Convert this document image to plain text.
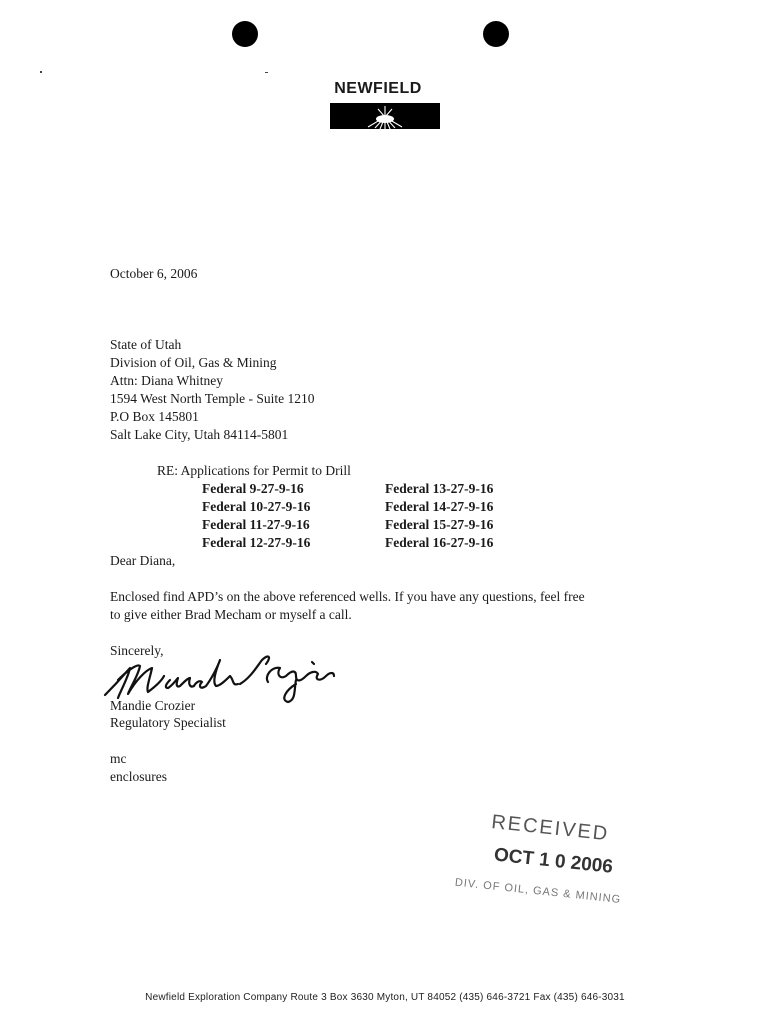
NEWFIELD
October 6, 2006
State of Utah
Division of Oil, Gas & Mining
Attn: Diana Whitney
1594 West North Temple - Suite 1210
P.O Box 145801
Salt Lake City, Utah 84114-5801
RE: Applications for Permit to Drill
Federal 9-27-9-16
Federal 10-27-9-16
Federal 11-27-9-16
Federal 12-27-9-16
Federal 13-27-9-16
Federal 14-27-9-16
Federal 15-27-9-16
Federal 16-27-9-16
Dear Diana,
Enclosed find APD’s on the above referenced wells. If you have any questions, feel free
to give either Brad Mecham or myself a call.
Sincerely,
Mandie Crozier
Regulatory Specialist
mc
enclosures
RECEIVED
OCT 1 0 2006
DIV. OF OIL, GAS & MINING
Newfield Exploration Company Route 3 Box 3630 Myton, UT 84052 (435) 646-3721 Fax (435) 646-3031
